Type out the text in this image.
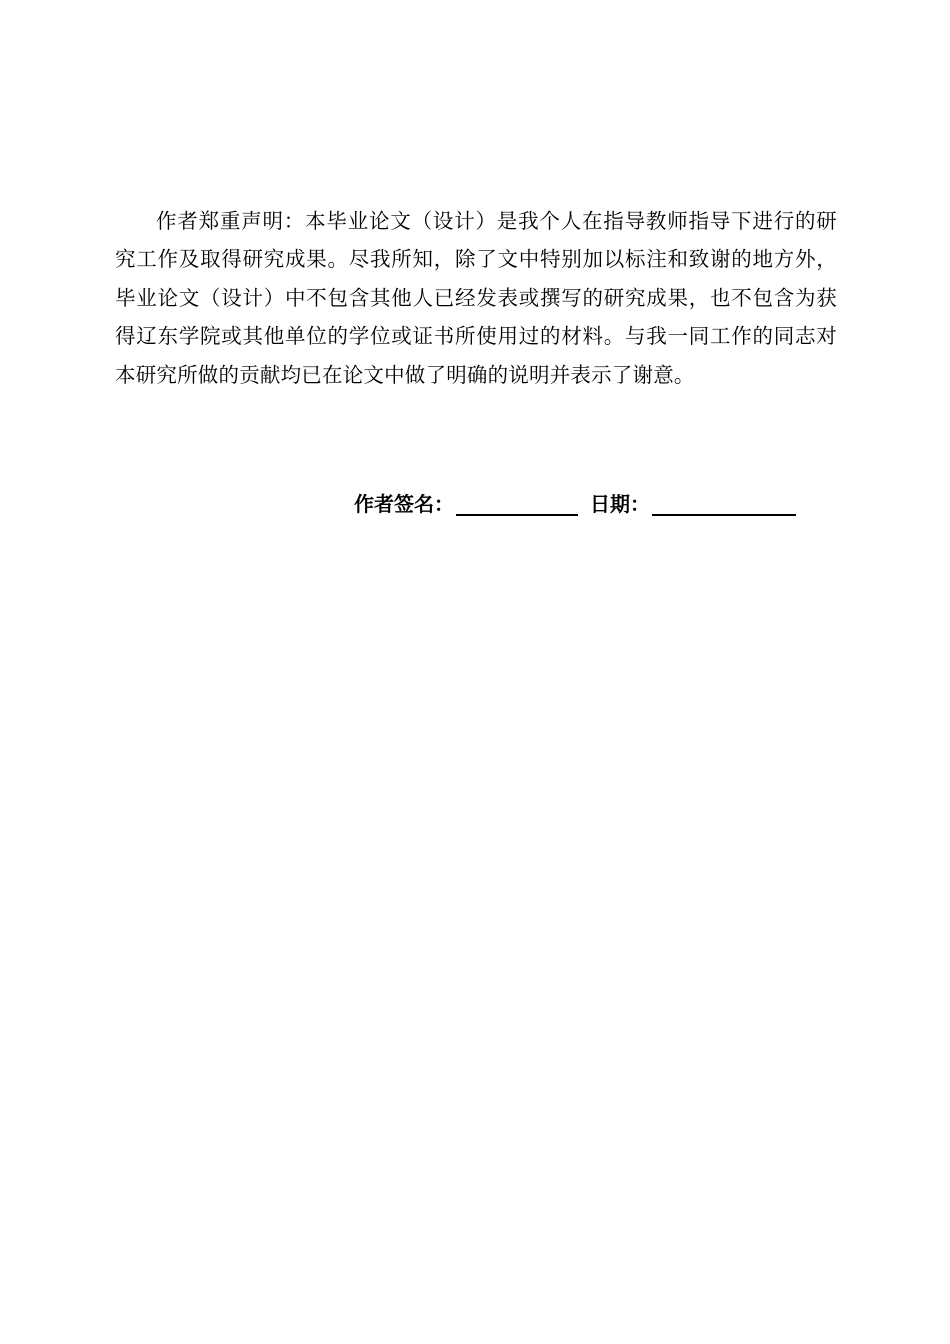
作者郑重声明：本毕业论文（设计）是我个人在指导教师指导下进行的研究工作及取得研究成果。尽我所知，除了文中特别加以标注和致谢的地方外，毕业论文（设计）中不包含其他人已经发表或撰写的研究成果，也不包含为获得辽东学院或其他单位的学位或证书所使用过的材料。与我一同工作的同志对本研究所做的贡献均已在论文中做了明确的说明并表示了谢意。

作者签名：	日期：
